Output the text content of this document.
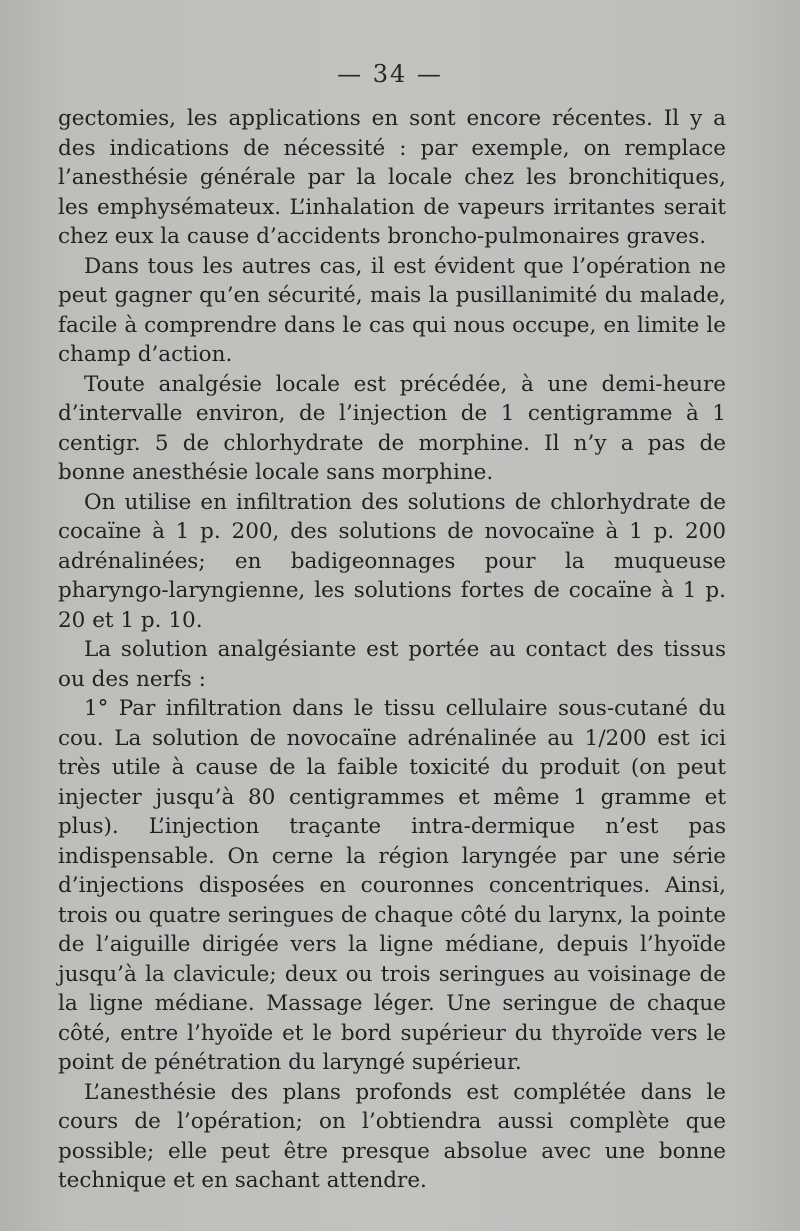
— 34 —

gectomies, les applications en sont encore récentes. Il y a des indications de nécessité : par exemple, on remplace l’anesthésie générale par la locale chez les bronchitiques, les emphysémateux. L’inhalation de vapeurs irritantes serait chez eux la cause d’accidents broncho-pulmonaires graves.

Dans tous les autres cas, il est évident que l’opération ne peut gagner qu’en sécurité, mais la pusillanimité du malade, facile à comprendre dans le cas qui nous occupe, en limite le champ d’action.

Toute analgésie locale est précédée, à une demi-heure d’intervalle environ, de l’injection de 1 centigramme à 1 centigr. 5 de chlorhydrate de morphine. Il n’y a pas de bonne anesthésie locale sans morphine.

On utilise en infiltration des solutions de chlorhydrate de cocaïne à 1 p. 200, des solutions de novocaïne à 1 p. 200 adrénalinées; en badigeonnages pour la muqueuse pharyngo-laryngienne, les solutions fortes de cocaïne à 1 p. 20 et 1 p. 10.

La solution analgésiante est portée au contact des tissus ou des nerfs :

1° Par infiltration dans le tissu cellulaire sous-cutané du cou. La solution de novocaïne adrénalinée au 1/200 est ici très utile à cause de la faible toxicité du produit (on peut injecter jusqu’à 80 centigrammes et même 1 gramme et plus). L’injection traçante intra-dermique n’est pas indispensable. On cerne la région laryngée par une série d’injections disposées en couronnes concentriques. Ainsi, trois ou quatre seringues de chaque côté du larynx, la pointe de l’aiguille dirigée vers la ligne médiane, depuis l’hyoïde jusqu’à la clavicule; deux ou trois seringues au voisinage de la ligne médiane. Massage léger. Une seringue de chaque côté, entre l’hyoïde et le bord supérieur du thyroïde vers le point de pénétration du laryngé supérieur.

L’anesthésie des plans profonds est complétée dans le cours de l’opération; on l’obtiendra aussi complète que possible; elle peut être presque absolue avec une bonne technique et en sachant attendre.
